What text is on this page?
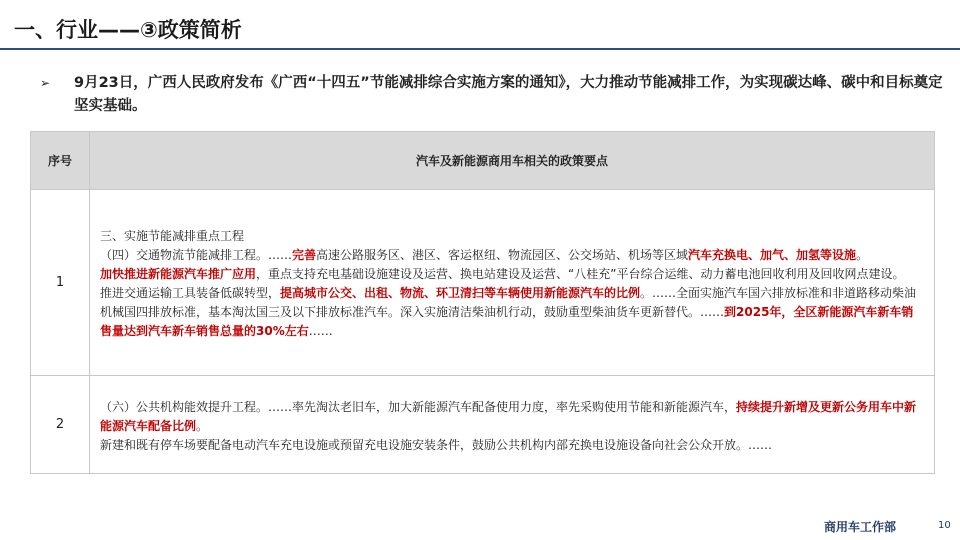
一、行业——③政策简析
➢	9月23日，广西人民政府发布《广西“十四五”节能减排综合实施方案的通知》，大力推动节能减排工作，为实现碳达峰、碳中和目标奠定坚实基础。
序号	汽车及新能源商用车相关的政策要点
1	三、实施节能减排重点工程
（四）交通物流节能减排工程。……完善高速公路服务区、港区、客运枢纽、物流园区、公交场站、机场等区域汽车充换电、加气、加氢等设施。
加快推进新能源汽车推广应用，重点支持充电基础设施建设及运营、换电站建设及运营、“八桂充”平台综合运维、动力蓄电池回收利用及回收网点建设。
推进交通运输工具装备低碳转型，提高城市公交、出租、物流、环卫清扫等车辆使用新能源汽车的比例。……全面实施汽车国六排放标准和非道路移动柴油机械国四排放标准，基本淘汰国三及以下排放标准汽车。深入实施清洁柴油机行动，鼓励重型柴油货车更新替代。……到2025年，全区新能源汽车新车销售量达到汽车新车销售总量的30%左右……

2	（六）公共机构能效提升工程。……率先淘汰老旧车，加大新能源汽车配备使用力度，率先采购使用节能和新能源汽车，持续提升新增及更新公务用车中新能源汽车配备比例。
新建和既有停车场要配备电动汽车充电设施或预留充电设施安装条件，鼓励公共机构内部充换电设施设备向社会公众开放。……
商用车工作部	10
